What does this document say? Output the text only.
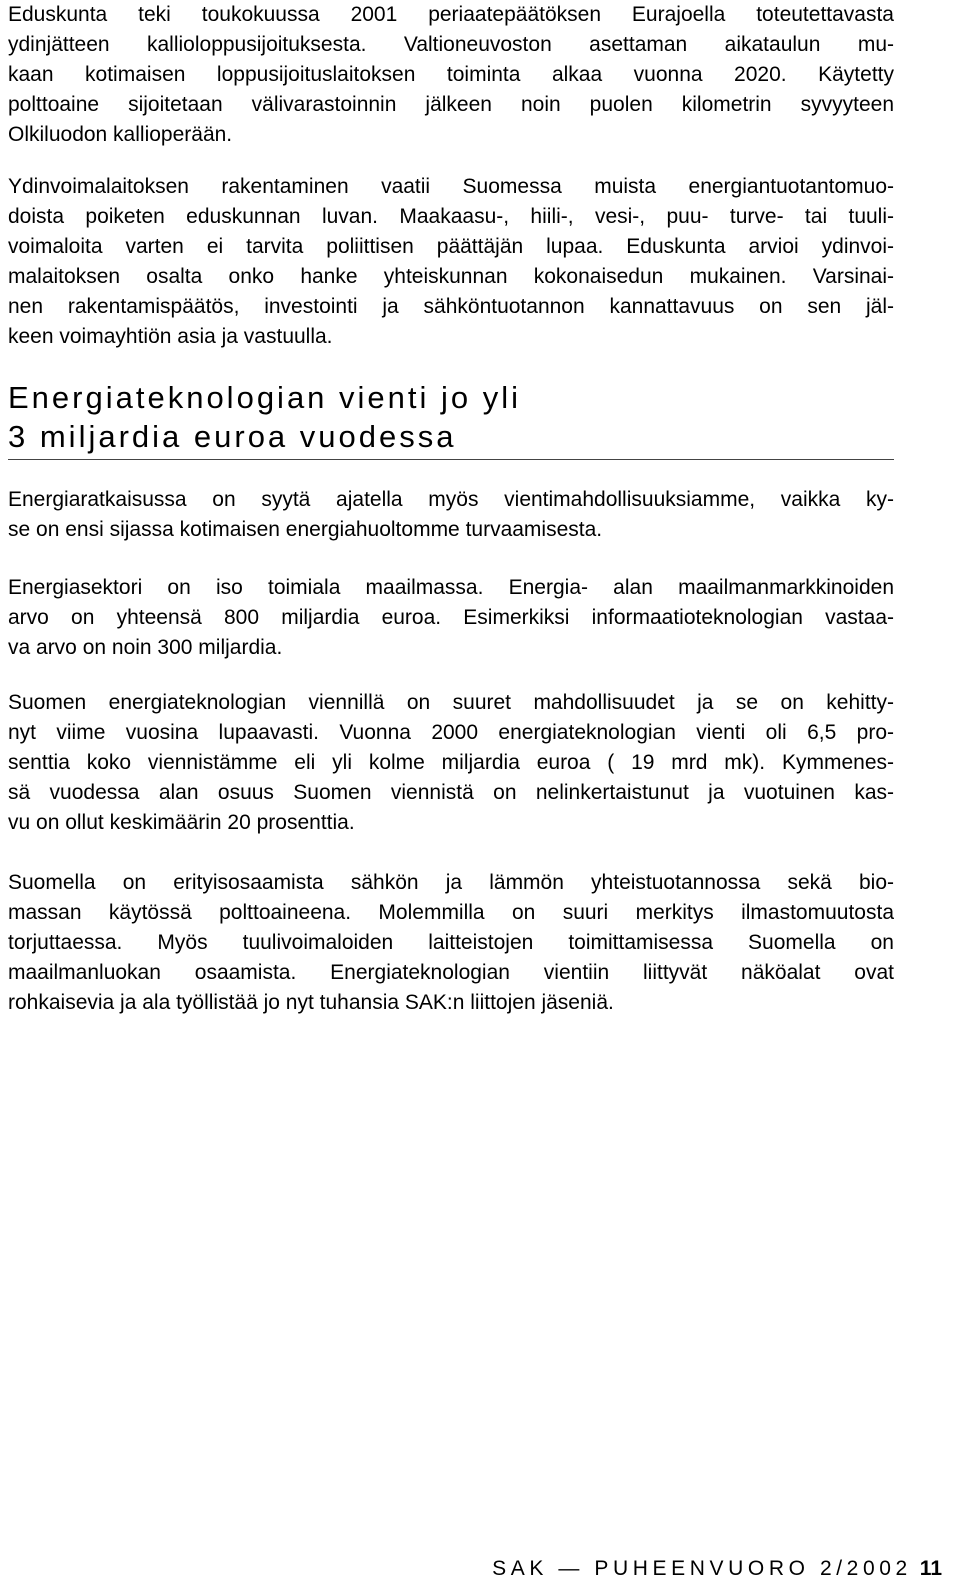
Eduskunta teki toukokuussa 2001 periaatepäätöksen Eurajoella toteutettavasta
ydinjätteen kallioloppusijoituksesta. Valtioneuvoston asettaman aikataulun mu-
kaan kotimaisen loppusijoituslaitoksen toiminta alkaa vuonna 2020. Käytetty
polttoaine sijoitetaan välivarastoinnin jälkeen noin puolen kilometrin syvyyteen
Olkiluodon kallioperään.
Ydinvoimalaitoksen rakentaminen vaatii Suomessa muista energiantuotantomuo-
doista poiketen eduskunnan luvan. Maakaasu-, hiili-, vesi-, puu- turve- tai tuuli-
voimaloita varten ei tarvita poliittisen päättäjän lupaa. Eduskunta arvioi ydinvoi-
malaitoksen osalta onko hanke yhteiskunnan kokonaisedun mukainen. Varsinai-
nen rakentamispäätös, investointi ja sähköntuotannon kannattavuus on sen jäl-
keen voimayhtiön asia ja vastuulla.
Energiateknologian vienti jo yli
3 miljardia euroa vuodessa
Energiaratkaisussa on syytä ajatella myös vientimahdollisuuksiamme, vaikka ky-
se on ensi sijassa kotimaisen energiahuoltomme turvaamisesta.
Energiasektori on iso toimiala maailmassa. Energia- alan maailmanmarkkinoiden
arvo on yhteensä 800 miljardia euroa. Esimerkiksi informaatioteknologian vastaa-
va arvo on noin 300 miljardia.
Suomen energiateknologian viennillä on suuret mahdollisuudet ja se on kehitty-
nyt viime vuosina lupaavasti. Vuonna 2000 energiateknologian vienti oli 6,5 pro-
senttia koko viennistämme eli yli kolme miljardia euroa ( 19 mrd mk). Kymmenes-
sä vuodessa alan osuus Suomen viennistä on nelinkertaistunut ja vuotuinen kas-
vu on ollut keskimäärin 20 prosenttia.
Suomella on erityisosaamista sähkön ja lämmön yhteistuotannossa sekä bio-
massan käytössä polttoaineena. Molemmilla on suuri merkitys ilmastomuutosta
torjuttaessa. Myös tuulivoimaloiden laitteistojen toimittamisessa Suomella on
maailmanluokan osaamista. Energiateknologian vientiin liittyvät näköalat ovat
rohkaisevia ja ala työllistää jo nyt tuhansia SAK:n liittojen jäseniä.
SAK — PUHEENVUORO 2/2002 11
